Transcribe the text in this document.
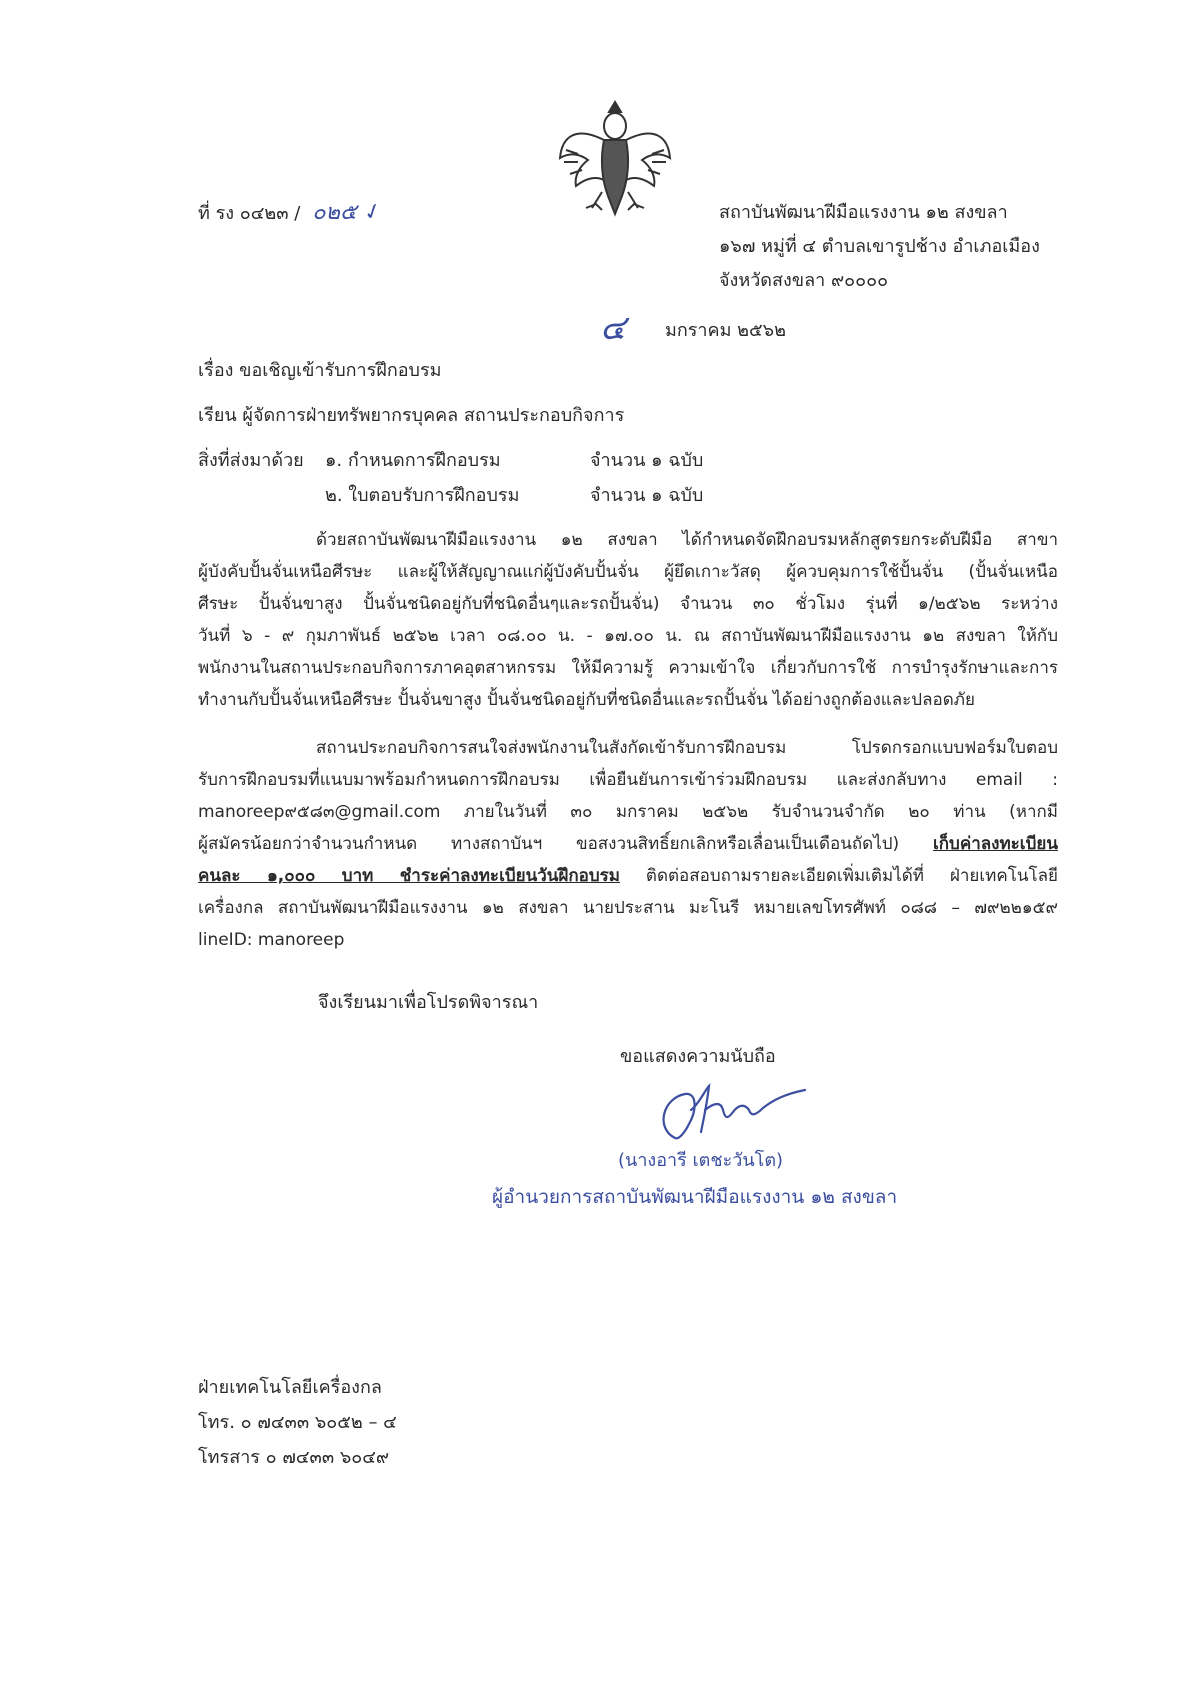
ที่ รง ๐๔๒๓ / ๐๒๕ ✓	สถาบันพัฒนาฝีมือแรงงาน ๑๒ สงขลา
๑๖๗ หมู่ที่ ๔ ตำบลเขารูปช้าง อำเภอเมือง
จังหวัดสงขลา ๙๐๐๐๐
๔ มกราคม ๒๕๖๒
เรื่อง ขอเชิญเข้ารับการฝึกอบรม
เรียน ผู้จัดการฝ่ายทรัพยากรบุคคล สถานประกอบกิจการ
สิ่งที่ส่งมาด้วย ๑. กำหนดการฝึกอบรม	จำนวน ๑ ฉบับ
๒. ใบตอบรับการฝึกอบรม	จำนวน ๑ ฉบับ
ด้วยสถาบันพัฒนาฝีมือแรงงาน ๑๒ สงขลา ได้กำหนดจัดฝึกอบรมหลักสูตรยกระดับฝีมือ สาขา
ผู้บังคับปั้นจั่นเหนือศีรษะ และผู้ให้สัญญาณแก่ผู้บังคับปั้นจั่น ผู้ยึดเกาะวัสดุ ผู้ควบคุมการใช้ปั้นจั่น (ปั้นจั่นเหนือ
ศีรษะ ปั้นจั่นขาสูง ปั้นจั่นชนิดอยู่กับที่ชนิดอื่นๆและรถปั้นจั่น) จำนวน ๓๐ ชั่วโมง รุ่นที่ ๑/๒๕๖๒ ระหว่าง
วันที่ ๖ - ๙ กุมภาพันธ์ ๒๕๖๒ เวลา ๐๘.๐๐ น. - ๑๗.๐๐ น. ณ สถาบันพัฒนาฝีมือแรงงาน ๑๒ สงขลา ให้กับ
พนักงานในสถานประกอบกิจการภาคอุตสาหกรรม ให้มีความรู้ ความเข้าใจ เกี่ยวกับการใช้ การบำรุงรักษาและการ
ทำงานกับปั้นจั่นเหนือศีรษะ ปั้นจั่นขาสูง ปั้นจั่นชนิดอยู่กับที่ชนิดอื่นและรถปั้นจั่น ได้อย่างถูกต้องและปลอดภัย
สถานประกอบกิจการสนใจส่งพนักงานในสังกัดเข้ารับการฝึกอบรม โปรดกรอกแบบฟอร์มใบตอบ
รับการฝึกอบรมที่แนบมาพร้อมกำหนดการฝึกอบรม เพื่อยืนยันการเข้าร่วมฝึกอบรม และส่งกลับทาง email :
manoreep๙๕๘๓@gmail.com ภายในวันที่ ๓๐ มกราคม ๒๕๖๒ รับจำนวนจำกัด ๒๐ ท่าน (หากมี
ผู้สมัครน้อยกว่าจำนวนกำหนด ทางสถาบันฯ ขอสงวนสิทธิ์ยกเลิกหรือเลื่อนเป็นเดือนถัดไป) เก็บค่าลงทะเบียน
คนละ ๑,๐๐๐ บาท ชำระค่าลงทะเบียนวันฝึกอบรม ติดต่อสอบถามรายละเอียดเพิ่มเติมได้ที่ ฝ่ายเทคโนโลยี
เครื่องกล สถาบันพัฒนาฝีมือแรงงาน ๑๒ สงขลา นายประสาน มะโนรี หมายเลขโทรศัพท์ ๐๘๘ – ๗๙๒๒๑๕๙
lineID: manoreep
จึงเรียนมาเพื่อโปรดพิจารณา
ขอแสดงความนับถือ
(นางอารี เตชะวันโต)
ผู้อำนวยการสถาบันพัฒนาฝีมือแรงงาน ๑๒ สงขลา
ฝ่ายเทคโนโลยีเครื่องกล
โทร. ๐ ๗๔๓๓ ๖๐๕๒ – ๔
โทรสาร ๐ ๗๔๓๓ ๖๐๔๙
